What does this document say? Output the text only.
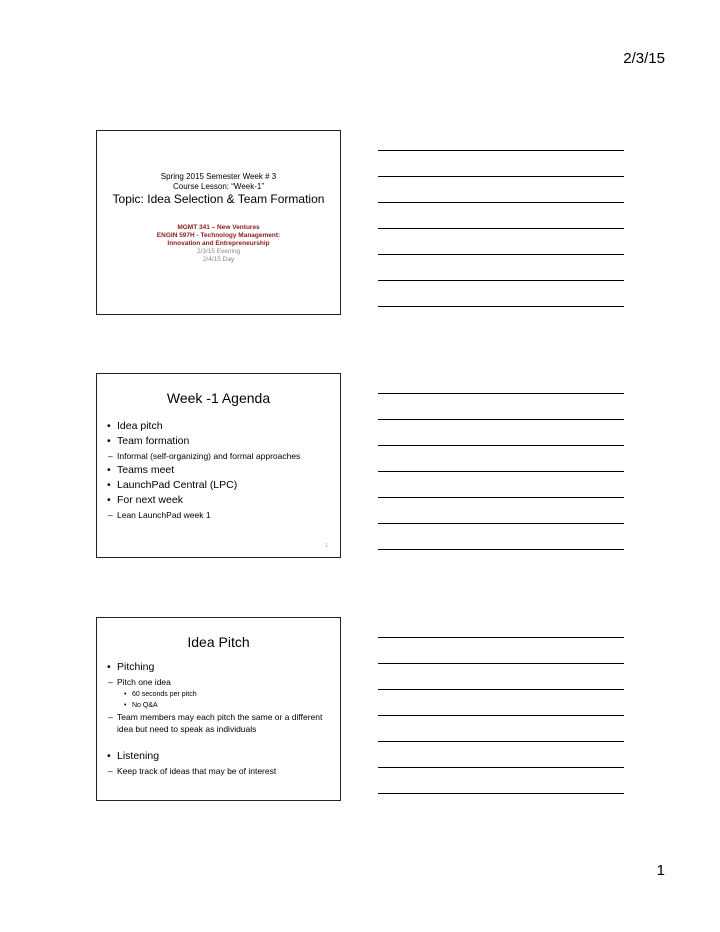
2/3/15
Spring 2015 Semester Week # 3
Course Lesson: “Week-1”
Topic: Idea Selection & Team Formation
MGMT 341 – New Ventures
ENGIN 597H - Technology Management:
Innovation and Entrepreneurship
2/3/15 Evening
2/4/15 Day
Week -1 Agenda
• Idea pitch
• Team formation
– Informal (self-organizing) and formal approaches
• Teams meet
• LaunchPad Central (LPC)
• For next week
– Lean LaunchPad week 1
1
Idea Pitch
• Pitching
– Pitch one idea
• 60 seconds per pitch
• No Q&A
– Team members may each pitch the same or a different idea but need to speak as individuals
• Listening
– Keep track of ideas that may be of interest
1
